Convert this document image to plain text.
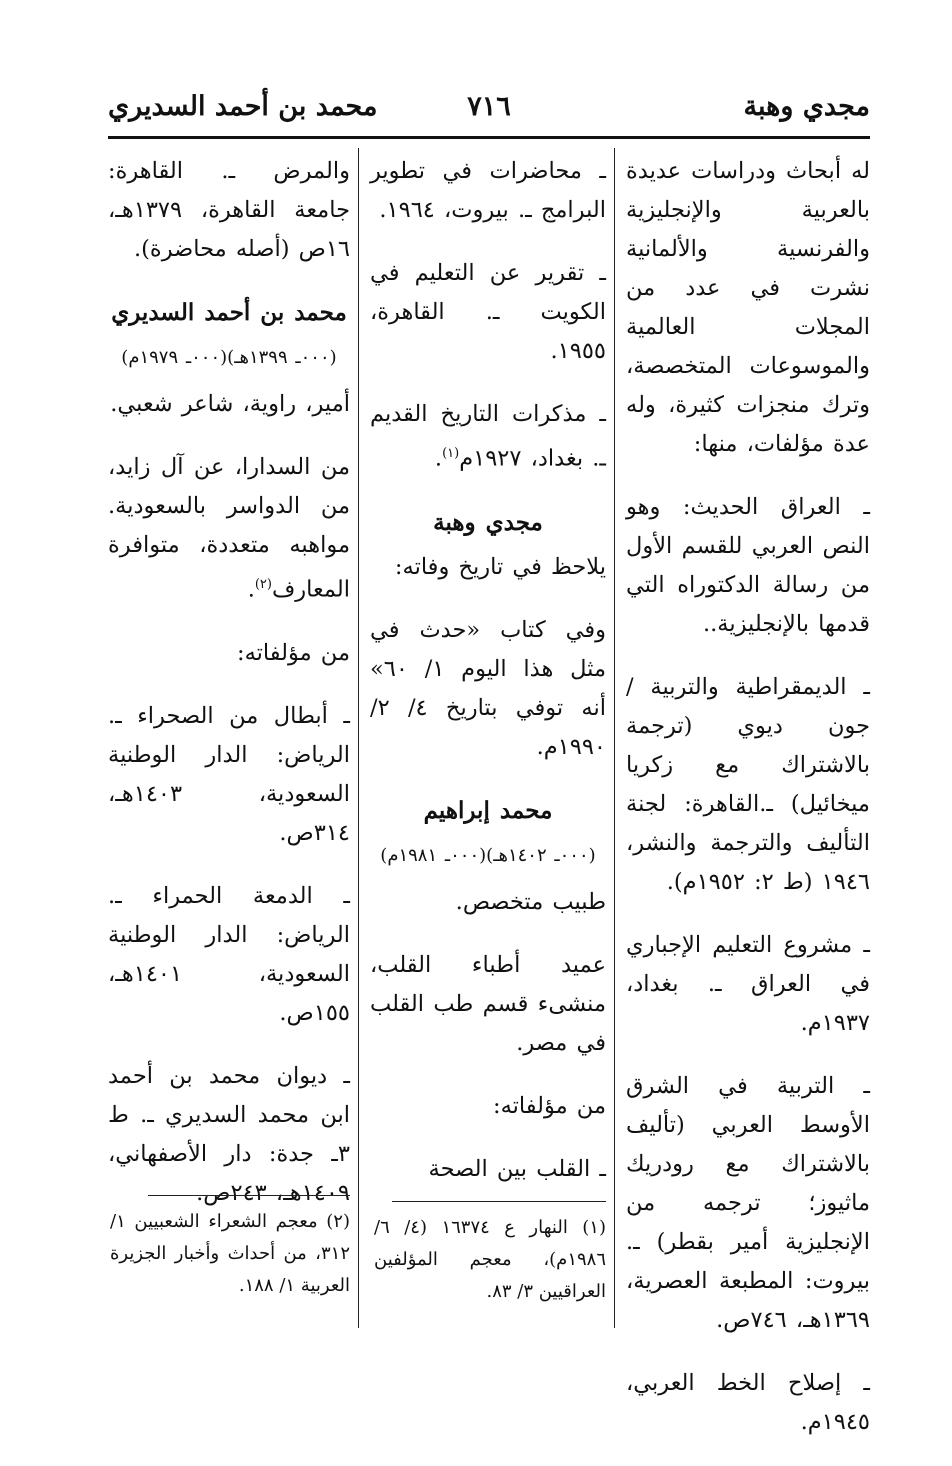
مجدي وهبة
٧١٦
محمد بن أحمد السديري

له أبحاث ودراسات عديدة بالعربية والإنجليزية والفرنسية والألمانية نشرت في عدد من المجلات العالمية والموسوعات المتخصصة، وترك منجزات كثيرة، وله عدة مؤلفات، منها:

ـ العراق الحديث: وهو النص العربي للقسم الأول من رسالة الدكتوراه التي قدمها بالإنجليزية..

ـ الديمقراطية والتربية / جون ديوي (ترجمة بالاشتراك مع زكريا ميخائيل) ـ.القاهرة: لجنة التأليف والترجمة والنشر، ١٩٤٦ (ط ٢: ١٩٥٢م).

ـ مشروع التعليم الإجباري في العراق ـ. بغداد، ١٩٣٧م.

ـ التربية في الشرق الأوسط العربي (تأليف بالاشتراك مع رودريك ماثيوز؛ ترجمه من الإنجليزية أمير بقطر) ـ. بيروت: المطبعة العصرية، ١٣٦٩هـ، ٧٤٦ص.

ـ إصلاح الخط العربي، ١٩٤٥م.

ـ محاضرات في تطوير البرامج ـ. بيروت، ١٩٦٤.

ـ تقرير عن التعليم في الكويت ـ. القاهرة، ١٩٥٥.

ـ مذكرات التاريخ القديم ـ. بغداد، ١٩٢٧م$^{(١)}$.

مجدي وهبة

يلاحظ في تاريخ وفاته:

وفي كتاب «حدث في مثل هذا اليوم ١/ ٦٠» أنه توفي بتاريخ ٤/ ٢/ ١٩٩٠م.

محمد إبراهيم
(٠٠٠ـ ١٤٠٢هـ)(٠٠٠ـ ١٩٨١م)

طبيب متخصص.

عميد أطباء القلب، منشىء قسم طب القلب في مصر.

من مؤلفاته:

ـ القلب بين الصحة

والمرض ـ. القاهرة: جامعة القاهرة، ١٣٧٩هـ، ١٦ص (أصله محاضرة).

محمد بن أحمد السديري
(٠٠٠ـ ١٣٩٩هـ)(٠٠٠ـ ١٩٧٩م)

أمير، راوية، شاعر شعبي.

من السدارا، عن آل زايد، من الدواسر بالسعودية. مواهبه متعددة، متوافرة المعارف$^{(٢)}$.

من مؤلفاته:

ـ أبطال من الصحراء ـ. الرياض: الدار الوطنية السعودية، ١٤٠٣هـ، ٣١٤ص.

ـ الدمعة الحمراء ـ. الرياض: الدار الوطنية السعودية، ١٤٠١هـ، ١٥٥ص.

ـ ديوان محمد بن أحمد ابن محمد السديري ـ. ط ٣ـ جدة: دار الأصفهاني، ١٤٠٩هـ، ٢٤٣ص.

(١) النهار ع ١٦٣٧٤ (٤/ ٦/ ١٩٨٦م)، معجم المؤلفين العراقيين ٣/ ٨٣.
(٢) معجم الشعراء الشعبيين ١/ ٣١٢، من أحداث وأخبار الجزيرة العربية ١/ ١٨٨.
